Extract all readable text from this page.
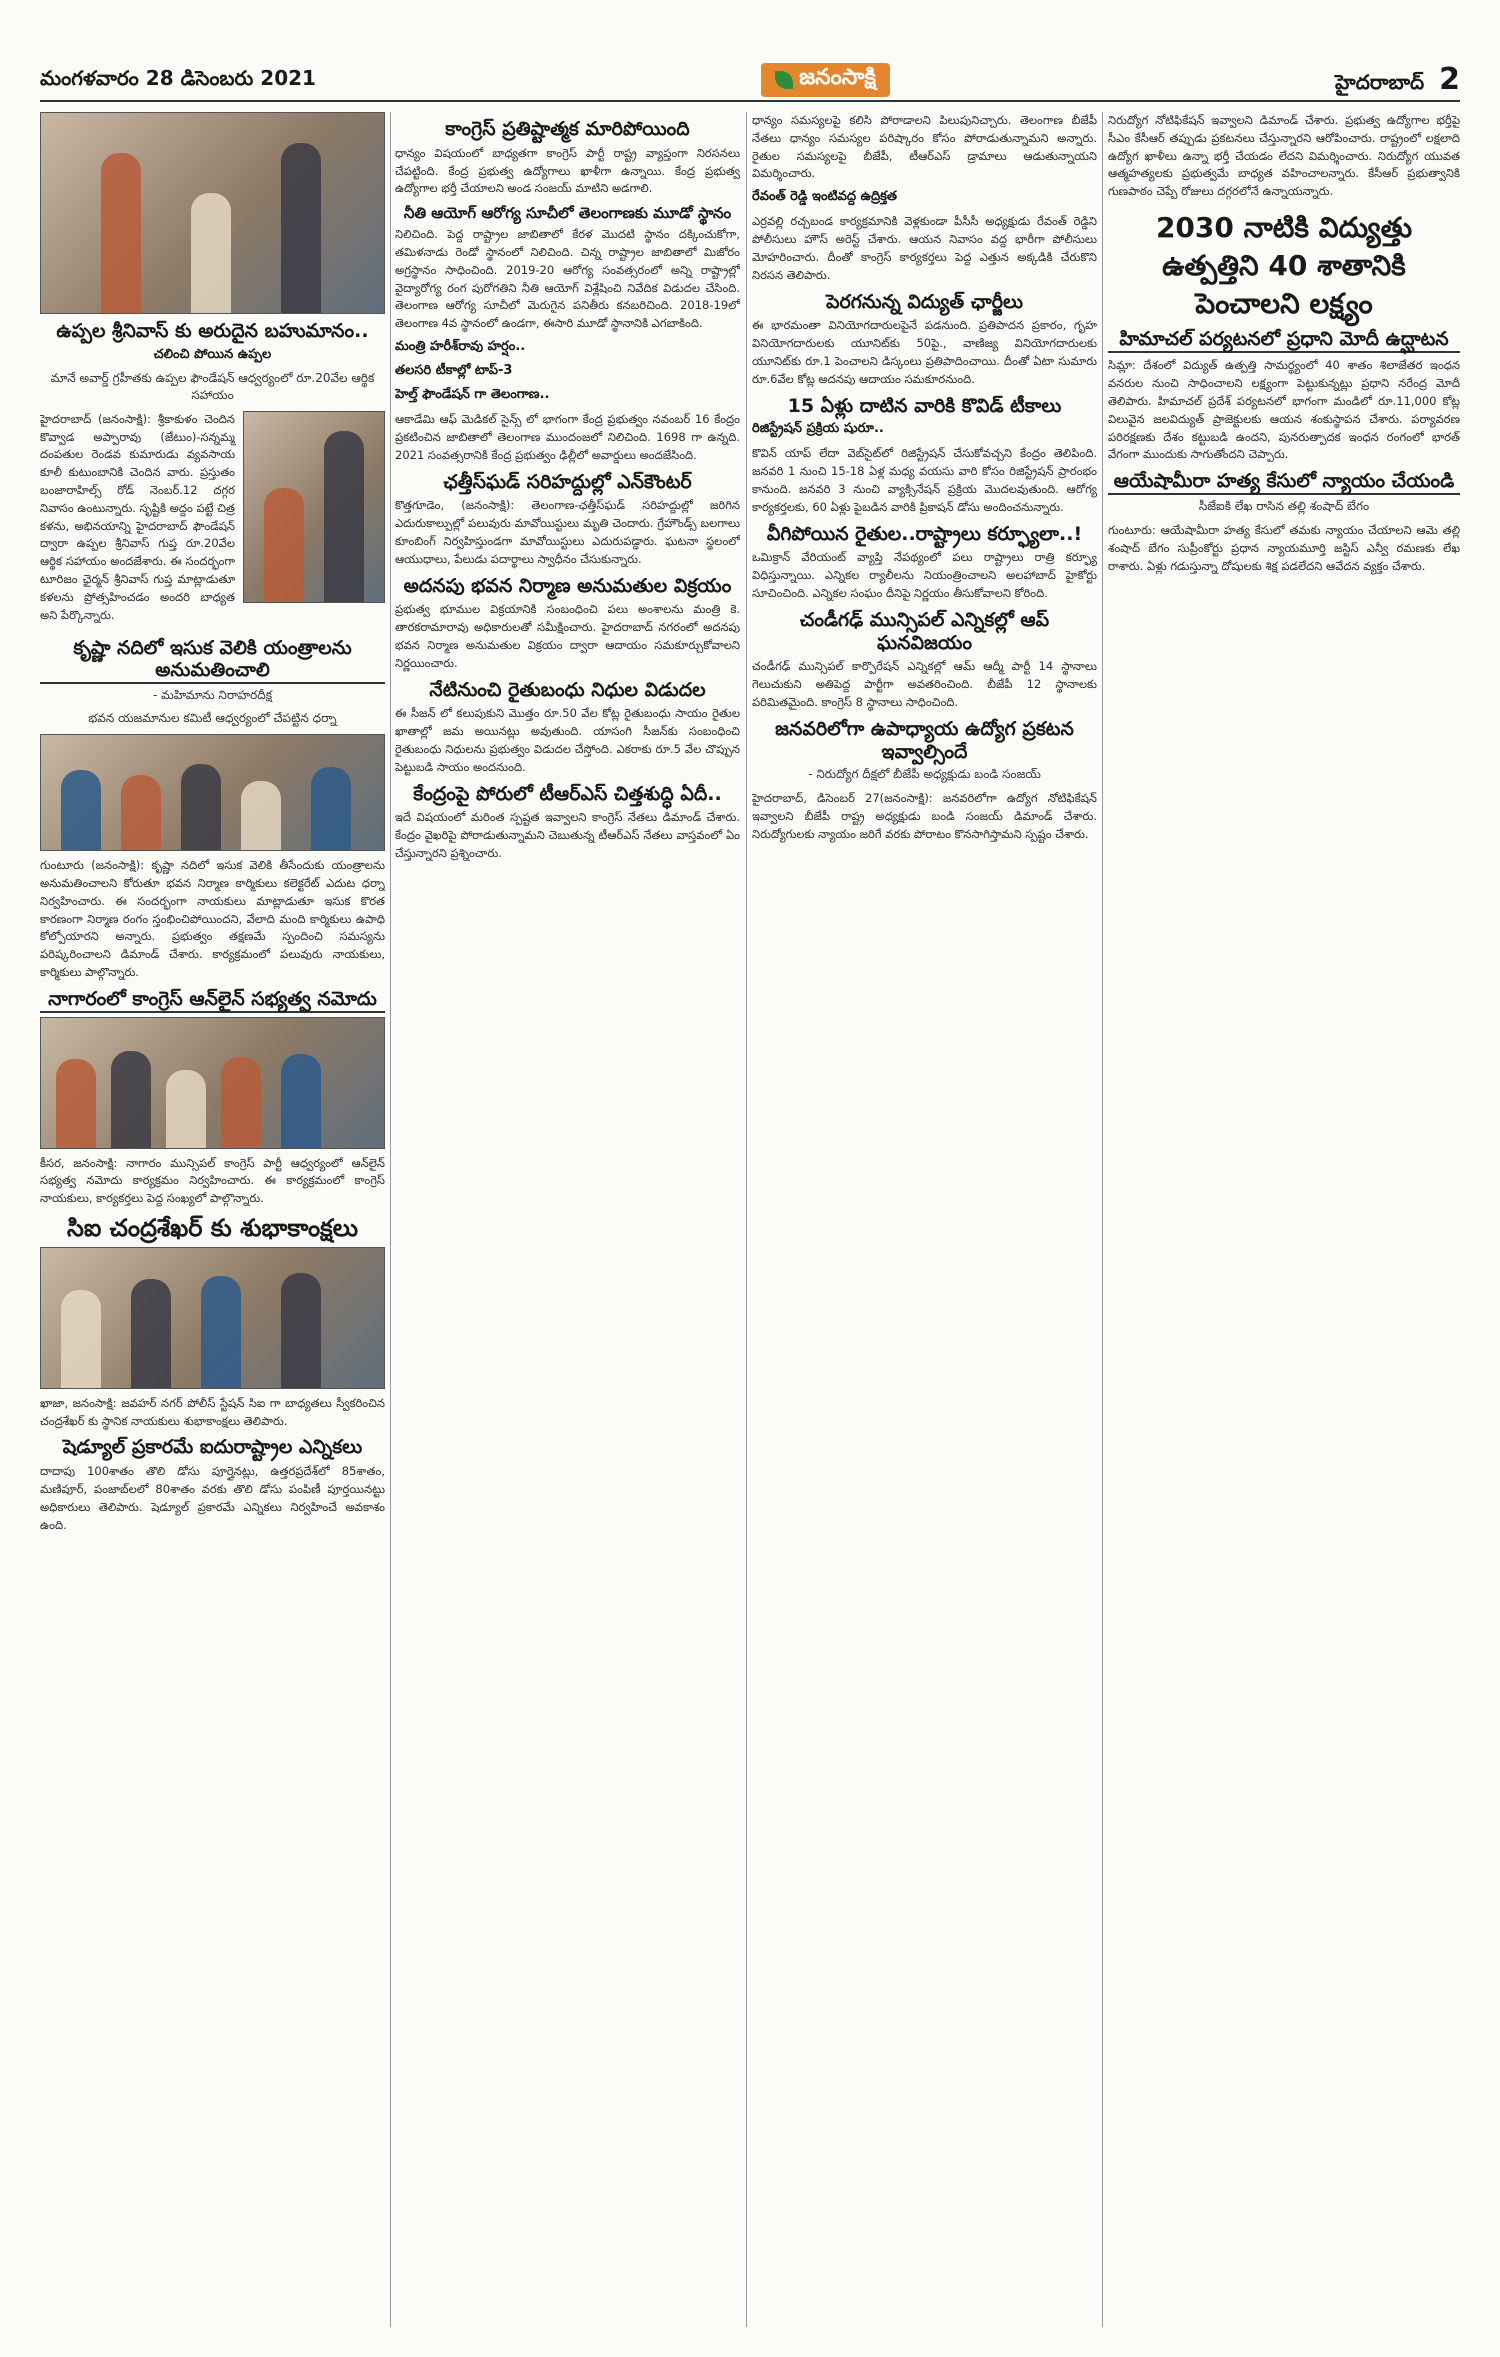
మంగళవారం 28 డిసెంబరు 2021	జనంసాక్షి	హైదరాబాద్ 2
ఉప్పల శ్రీనివాస్ కు అరుదైన బహుమానం..
చలించి పోయిన ఉప్పల
మానే అవార్డ్ గ్రహీతకు ఉప్పల ఫౌండేషన్ ఆధ్వర్యంలో రూ.20వేల ఆర్థిక సహాయం

హైదరాబాద్ (జనంసాక్షి): శ్రీకాకుళం చెందిన కొవ్వాడ అప్పారావు (జేటుం)-సన్నమ్మ దంపతుల రెండవ కుమారుడు వ్యవసాయ కూలీ కుటుంబానికి చెందిన వారు. ప్రస్తుతం బంజారాహిల్స్ రోడ్ నెంబర్.12 దగ్గర నివాసం ఉంటున్నారు. సృష్టికి అద్దం పట్టే చిత్ర కళను, అభినయాన్ని హైదరాబాద్ ఫౌండేషన్ ద్వారా ఉప్పల శ్రీనివాస్ గుప్త రూ.20వేల ఆర్థిక సహాయం అందజేశారు. ఈ సందర్భంగా టూరిజం ఛైర్మన్ శ్రీనివాస్ గుప్త మాట్లాడుతూ కళలను ప్రోత్సహించడం అందరి బాధ్యత అని పేర్కొన్నారు.

కృష్ణా నదిలో ఇసుక వెలికి యంత్రాలను అనుమతించాలి
- మహిమాను నిరాహరదీక్ష
భవన యజమానుల కమిటీ ఆధ్వర్యంలో చేపట్టిన ధర్నా

గుంటూరు (జనంసాక్షి): కృష్ణా నదిలో ఇసుక వెలికి తీసేందుకు యంత్రాలను అనుమతించాలని కోరుతూ భవన నిర్మాణ కార్మికులు కలెక్టరేట్ ఎదుట ధర్నా నిర్వహించారు. ఈ సందర్భంగా నాయకులు మాట్లాడుతూ ఇసుక కొరత కారణంగా నిర్మాణ రంగం స్తంభించిపోయిందని, వేలాది మంది కార్మికులు ఉపాధి కోల్పోయారని అన్నారు. ప్రభుత్వం తక్షణమే స్పందించి సమస్యను పరిష్కరించాలని డిమాండ్ చేశారు. కార్యక్రమంలో పలువురు నాయకులు, కార్మికులు పాల్గొన్నారు.

నాగారంలో కాంగ్రెస్ ఆన్‌లైన్ సభ్యత్వ నమోదు

కీసర, జనంసాక్షి: నాగారం మున్సిపల్ కాంగ్రెస్ పార్టీ ఆధ్వర్యంలో ఆన్‌లైన్ సభ్యత్వ నమోదు కార్యక్రమం నిర్వహించారు. ఈ కార్యక్రమంలో కాంగ్రెస్ నాయకులు, కార్యకర్తలు పెద్ద సంఖ్యలో పాల్గొన్నారు.

సిఐ చంద్రశేఖర్ కు శుభాకాంక్షలు

ఖాజా, జనంసాక్షి: జవహర్ నగర్ పోలీస్ స్టేషన్ సిఐ గా బాధ్యతలు స్వీకరించిన చంద్రశేఖర్ కు స్థానిక నాయకులు శుభాకాంక్షలు తెలిపారు.

షెడ్యూల్ ప్రకారమే ఐదురాష్ట్రాల ఎన్నికలు

దాదాపు 100శాతం తొలి డోసు పూర్తైనట్లు, ఉత్తరప్రదేశ్‌లో 85శాతం, మణిపూర్, పంజాబ్‌లలో 80శాతం వరకు తొలి డోసు పంపిణీ పూర్తయినట్టు అధికారులు తెలిపారు. షెడ్యూల్ ప్రకారమే ఎన్నికలు నిర్వహించే అవకాశం ఉంది.

కాంగ్రెస్ ప్రతిష్టాత్మక మారిపోయింది

ధాన్యం విషయంలో బాధ్యతగా కాంగ్రెస్ పార్టీ రాష్ట్ర వ్యాప్తంగా నిరసనలు చేపట్టింది. కేంద్ర ప్రభుత్వ ఉద్యోగాలు ఖాళీగా ఉన్నాయి. కేంద్ర ప్రభుత్వ ఉద్యోగాల భర్తీ చేయాలని అండ సంజయ్ మాటిని అడగాలి.

నీతి ఆయోగ్ ఆరోగ్య సూచీలో తెలంగాణకు మూడో స్థానం

నిలిచింది. పెద్ద రాష్ట్రాల జాబితాలో కేరళ మొదటి స్థానం దక్కించుకోగా, తమిళనాడు రెండో స్థానంలో నిలిచింది. చిన్న రాష్ట్రాల జాబితాలో మిజోరం అగ్రస్థానం సాధించింది. 2019-20 ఆరోగ్య సంవత్సరంలో అన్ని రాష్ట్రాల్లో వైద్యారోగ్య రంగ పురోగతిని నీతి ఆయోగ్ విశ్లేషించి నివేదిక విడుదల చేసింది. తెలంగాణ ఆరోగ్య సూచీలో మెరుగైన పనితీరు కనబరిచింది. 2018-19లో తెలంగాణ 4వ స్థానంలో ఉండగా, ఈసారి మూడో స్థానానికి ఎగబాకింది.

మంత్రి హరీశ్‌రావు హర్షం..
తలసరి టీకాల్లో టాప్-3
హెల్త్ ఫౌండేషన్ గా తెలంగాణ..

ఆకాడేమి ఆఫ్ మెడికల్ సైన్స్ లో భాగంగా కేంద్ర ప్రభుత్వం నవంబర్ 16 కేంద్రం ప్రకటించిన జాబితాలో తెలంగాణ ముందంజలో నిలిచింది. 1698 గా ఉన్నది. 2021 సంవత్సరానికి కేంద్ర ప్రభుత్వం ఢిల్లీలో అవార్డులు అందజేసింది.

ఛత్తీస్‌ఘడ్ సరిహద్దుల్లో ఎన్‌కౌంటర్

కొత్తగూడెం, (జనంసాక్షి): తెలంగాణ-ఛత్తీస్‌ఘడ్ సరిహద్దుల్లో జరిగిన ఎదురుకాల్పుల్లో పలువురు మావోయిస్టులు మృతి చెందారు. గ్రేహౌండ్స్ బలగాలు కూంబింగ్ నిర్వహిస్తుండగా మావోయిస్టులు ఎదురుపడ్డారు. ఘటనా స్థలంలో ఆయుధాలు, పేలుడు పదార్థాలు స్వాధీనం చేసుకున్నారు.

అదనపు భవన నిర్మాణ అనుమతుల విక్రయం

ప్రభుత్వ భూముల విక్రయానికి సంబంధించి పలు అంశాలను మంత్రి కె. తారకరామారావు అధికారులతో సమీక్షించారు. హైదరాబాద్ నగరంలో అదనపు భవన నిర్మాణ అనుమతుల విక్రయం ద్వారా ఆదాయం సమకూర్చుకోవాలని నిర్ణయించారు.

నేటినుంచి రైతుబంధు నిధుల విడుదల

ఈ సీజన్ లో కలుపుకుని మొత్తం రూ.50 వేల కోట్ల రైతుబంధు సాయం రైతుల ఖాతాల్లో జమ అయినట్లు అవుతుంది. యాసంగి సీజన్‌కు సంబంధించి రైతుబంధు నిధులను ప్రభుత్వం విడుదల చేస్తోంది. ఎకరాకు రూ.5 వేల చొప్పున పెట్టుబడి సాయం అందనుంది.

కేంద్రంపై పోరులో టీఆర్‌ఎస్ చిత్తశుద్ధి ఏదీ..

ఇదే విషయంలో మరింత స్పష్టత ఇవ్వాలని కాంగ్రెస్ నేతలు డిమాండ్ చేశారు. కేంద్రం వైఖరిపై పోరాడుతున్నామని చెబుతున్న టీఆర్‌ఎస్ నేతలు వాస్తవంలో ఏం చేస్తున్నారని ప్రశ్నించారు.

ధాన్యం సమస్యలపై కలిసి పోరాడాలని పిలుపునిచ్చారు. తెలంగాణ బీజేపీ నేతలు ధాన్యం సమస్యల పరిష్కారం కోసం పోరాడుతున్నామని అన్నారు. రైతుల సమస్యలపై బీజేపీ, టీఆర్‌ఎస్ డ్రామాలు ఆడుతున్నాయని విమర్శించారు.

రేవంత్ రెడ్డి ఇంటివద్ద ఉద్రిక్తత

ఎర్రవల్లి రచ్చబండ కార్యక్రమానికి వెళ్లకుండా పీసీసీ అధ్యక్షుడు రేవంత్ రెడ్డిని పోలీసులు హౌస్ అరెస్ట్ చేశారు. ఆయన నివాసం వద్ద భారీగా పోలీసులు మోహరించారు. దీంతో కాంగ్రెస్ కార్యకర్తలు పెద్ద ఎత్తున అక్కడికి చేరుకొని నిరసన తెలిపారు.

పెరగనున్న విద్యుత్ ఛార్జీలు

ఈ భారమంతా వినియోగదారులపైనే పడనుంది. ప్రతిపాదన ప్రకారం, గృహ వినియోగదారులకు యూనిట్‌కు 50పై., వాణిజ్య వినియోగదారులకు యూనిట్‌కు రూ.1 పెంచాలని డిస్కంలు ప్రతిపాదించాయి. దీంతో ఏటా సుమారు రూ.6వేల కోట్ల అదనపు ఆదాయం సమకూరనుంది.

15 ఏళ్లు దాటిన వారికి కొవిడ్ టీకాలు
రిజిస్ట్రేషన్ ప్రక్రియ షురూ..

కొవిన్ యాప్ లేదా వెబ్‌సైట్‌లో రిజిస్ట్రేషన్ చేసుకోవచ్చని కేంద్రం తెలిపింది. జనవరి 1 నుంచి 15-18 ఏళ్ల మధ్య వయసు వారి కోసం రిజిస్ట్రేషన్ ప్రారంభం కానుంది. జనవరి 3 నుంచి వ్యాక్సినేషన్ ప్రక్రియ మొదలవుతుంది. ఆరోగ్య కార్యకర్తలకు, 60 ఏళ్లు పైబడిన వారికి ప్రికాషన్ డోసు అందించనున్నారు.

వీగిపోయిన రైతుల..రాష్ట్రాలు కర్ఫ్యూలా..!

ఒమిక్రాన్ వేరియంట్ వ్యాప్తి నేపథ్యంలో పలు రాష్ట్రాలు రాత్రి కర్ఫ్యూ విధిస్తున్నాయి. ఎన్నికల ర్యాలీలను నియంత్రించాలని అలహాబాద్ హైకోర్టు సూచించింది. ఎన్నికల సంఘం దీనిపై నిర్ణయం తీసుకోవాలని కోరింది.

చండీగఢ్ మున్సిపల్ ఎన్నికల్లో ఆప్ ఘనవిజయం

చండీగఢ్ మున్సిపల్ కార్పొరేషన్ ఎన్నికల్లో ఆమ్ ఆద్మీ పార్టీ 14 స్థానాలు గెలుచుకుని అతిపెద్ద పార్టీగా అవతరించింది. బీజేపీ 12 స్థానాలకు పరిమితమైంది. కాంగ్రెస్ 8 స్థానాలు సాధించింది.

జనవరిలోగా ఉపాధ్యాయ ఉద్యోగ ప్రకటన ఇవ్వాల్సిందే
- నిరుద్యోగ దీక్షలో బీజేపీ అధ్యక్షుడు బండి సంజయ్

హైదరాబాద్, డిసెంబర్ 27(జనంసాక్షి): జనవరిలోగా ఉద్యోగ నోటిఫికేషన్ ఇవ్వాలని బీజేపీ రాష్ట్ర అధ్యక్షుడు బండి సంజయ్ డిమాండ్ చేశారు. నిరుద్యోగులకు న్యాయం జరిగే వరకు పోరాటం కొనసాగిస్తామని స్పష్టం చేశారు.

నిరుద్యోగ నోటిఫికేషన్ ఇవ్వాలని డిమాండ్ చేశారు. ప్రభుత్వ ఉద్యోగాల భర్తీపై సీఎం కేసీఆర్ తప్పుడు ప్రకటనలు చేస్తున్నారని ఆరోపించారు. రాష్ట్రంలో లక్షలాది ఉద్యోగ ఖాళీలు ఉన్నా భర్తీ చేయడం లేదని విమర్శించారు. నిరుద్యోగ యువత ఆత్మహత్యలకు ప్రభుత్వమే బాధ్యత వహించాలన్నారు. కేసీఆర్ ప్రభుత్వానికి గుణపాఠం చెప్పే రోజులు దగ్గరలోనే ఉన్నాయన్నారు.

2030 నాటికి విద్యుత్తు ఉత్పత్తిని 40 శాతానికి పెంచాలని లక్ష్యం
హిమాచల్ పర్యటనలో ప్రధాని మోదీ ఉద్ఘాటన

సిమ్లా: దేశంలో విద్యుత్ ఉత్పత్తి సామర్థ్యంలో 40 శాతం శిలాజేతర ఇంధన వనరుల నుంచి సాధించాలని లక్ష్యంగా పెట్టుకున్నట్లు ప్రధాని నరేంద్ర మోదీ తెలిపారు. హిమాచల్ ప్రదేశ్ పర్యటనలో భాగంగా మండిలో రూ.11,000 కోట్ల విలువైన జలవిద్యుత్ ప్రాజెక్టులకు ఆయన శంకుస్థాపన చేశారు. పర్యావరణ పరిరక్షణకు దేశం కట్టుబడి ఉందని, పునరుత్పాదక ఇంధన రంగంలో భారత్ వేగంగా ముందుకు సాగుతోందని చెప్పారు.

ఆయేషామీరా హత్య కేసులో న్యాయం చేయండి
సీజేఐకి లేఖ రాసిన తల్లి శంషాద్ బేగం

గుంటూరు: ఆయేషామీరా హత్య కేసులో తమకు న్యాయం చేయాలని ఆమె తల్లి శంషాద్ బేగం సుప్రీంకోర్టు ప్రధాన న్యాయమూర్తి జస్టిస్ ఎన్వీ రమణకు లేఖ రాశారు. ఏళ్లు గడుస్తున్నా దోషులకు శిక్ష పడలేదని ఆవేదన వ్యక్తం చేశారు.
